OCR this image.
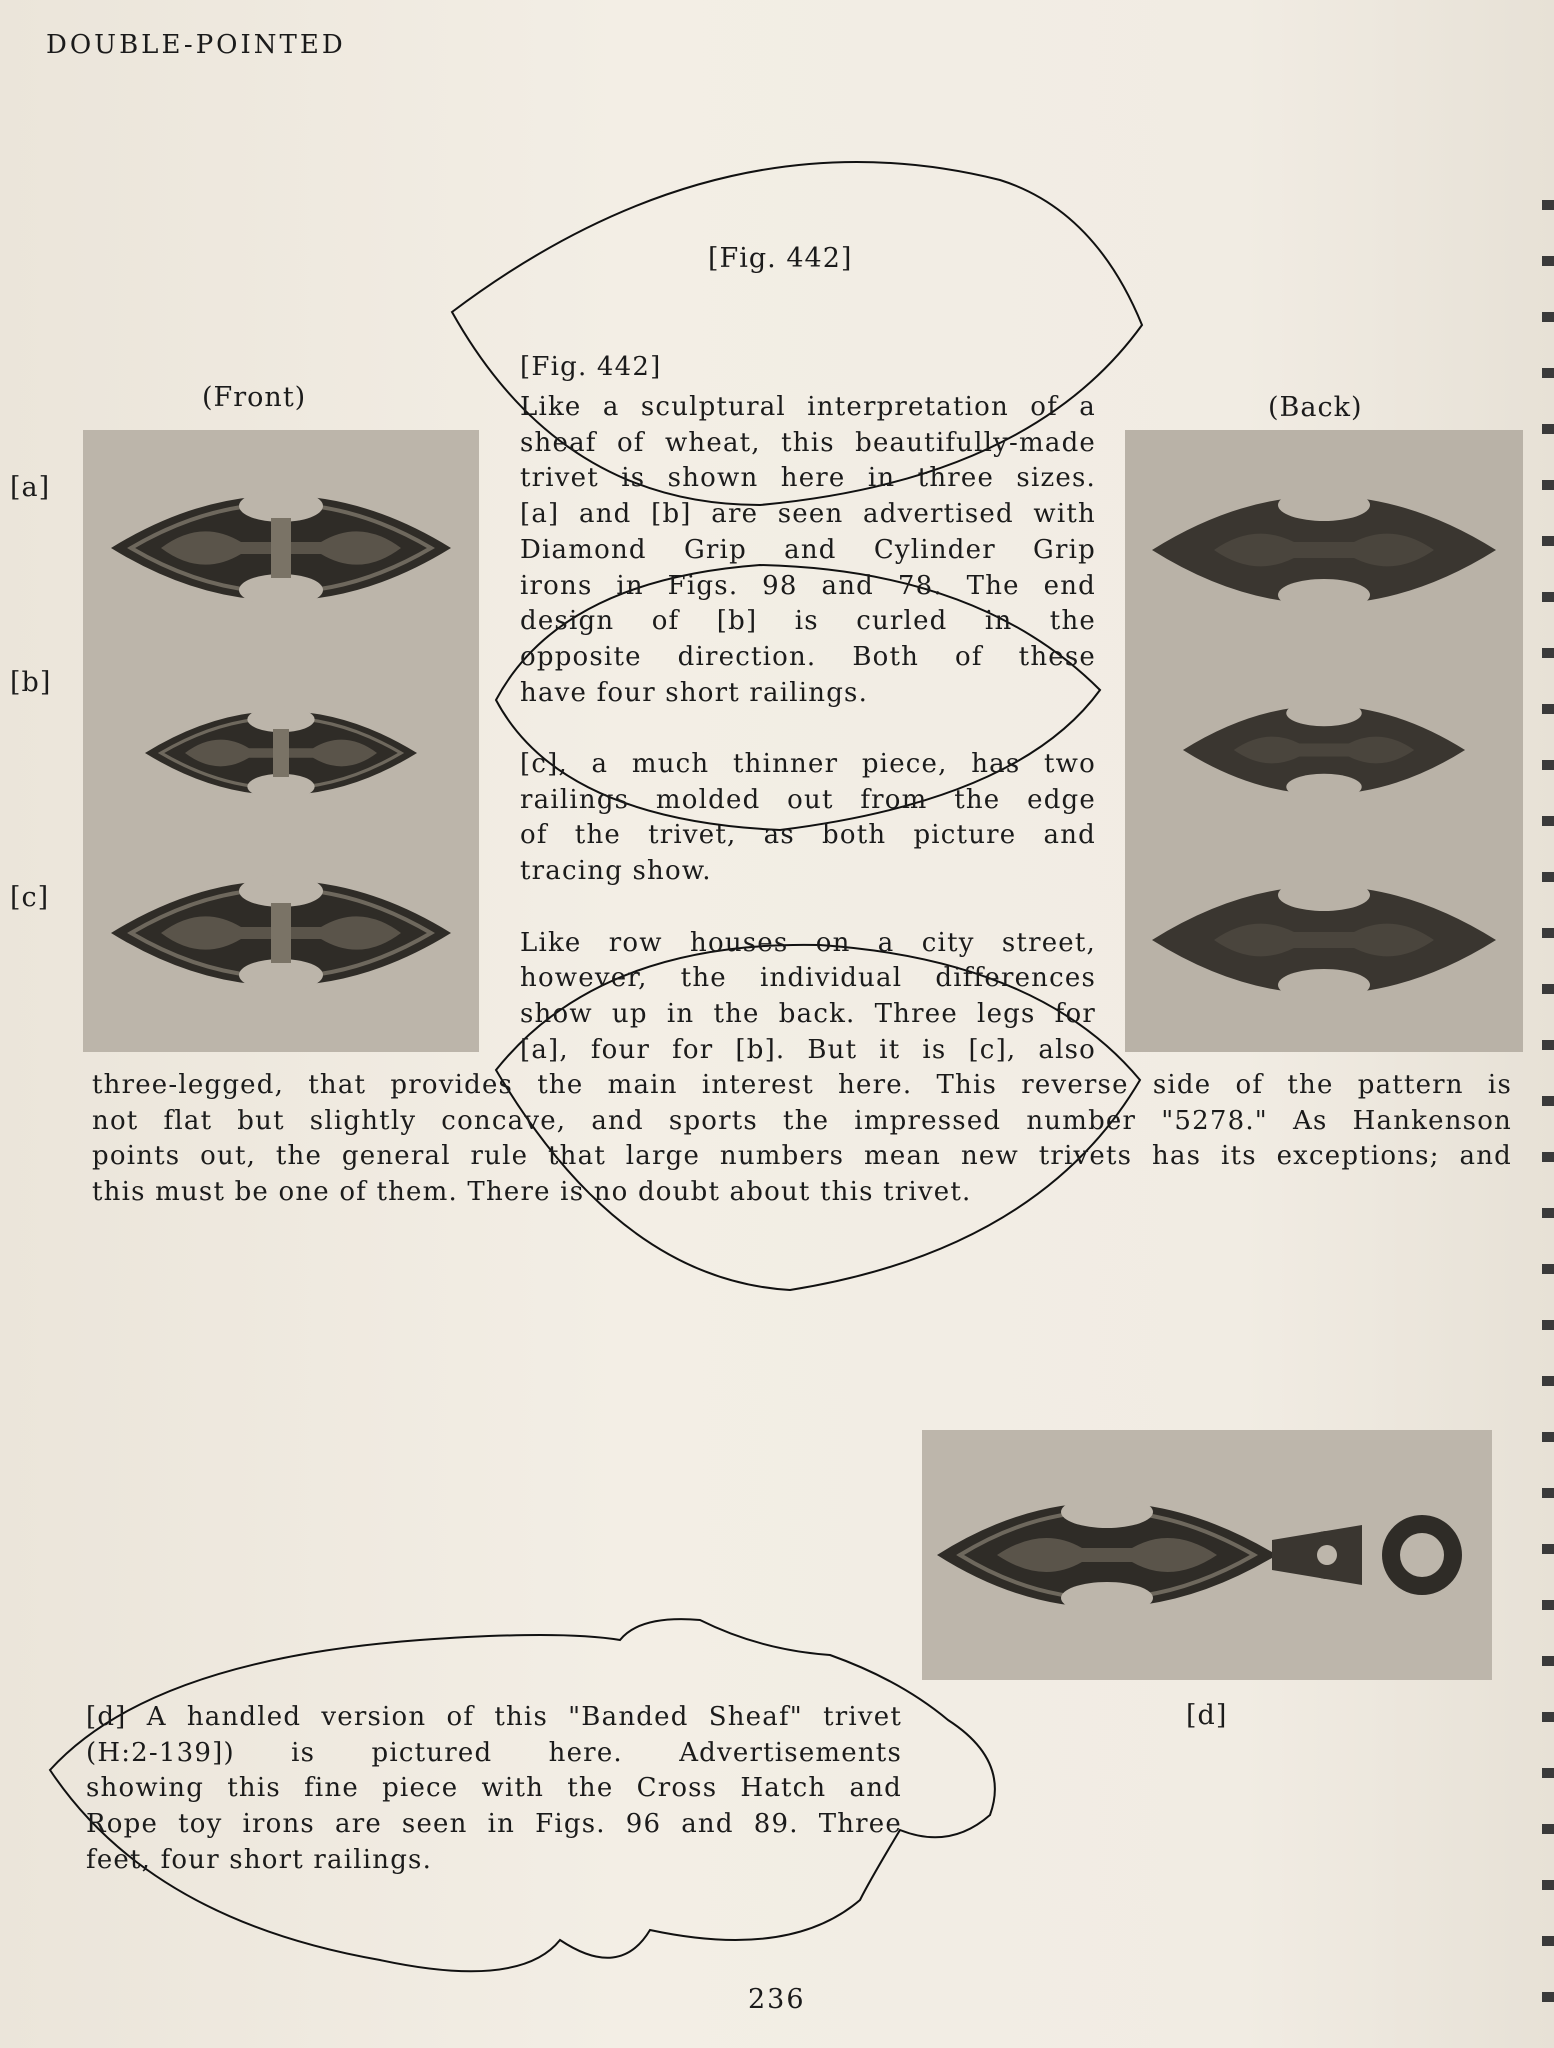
DOUBLE-POINTED
[Fig. 442]
(Front)	(Back)
[a]
[b]
[c]
[d]
[Fig. 442]

Like a sculptural interpretation of a

sheaf of wheat, this beautifully-made

trivet is shown here in three sizes.

[a] and [b] are seen advertised with

Diamond Grip and Cylinder Grip

irons in Figs. 98 and 78. The end

design of [b] is curled in the

opposite direction. Both of these

have four short railings.

[c], a much thinner piece, has two

railings molded out from the edge

of the trivet, as both picture and

tracing show.

Like row houses on a city street,

however, the individual differences

show up in the back. Three legs for

[a], four for [b]. But it is [c], also

three-legged, that provides the main interest here. This reverse side of the pattern is

not flat but slightly concave, and sports the impressed number "5278." As Hankenson

points out, the general rule that large numbers mean new trivets has its exceptions; and

this must be one of them. There is no doubt about this trivet.

[d] A handled version of this "Banded Sheaf" trivet

(H:2-139]) is pictured here. Advertisements

showing this fine piece with the Cross Hatch and

Rope toy irons are seen in Figs. 96 and 89. Three

feet, four short railings.

236
